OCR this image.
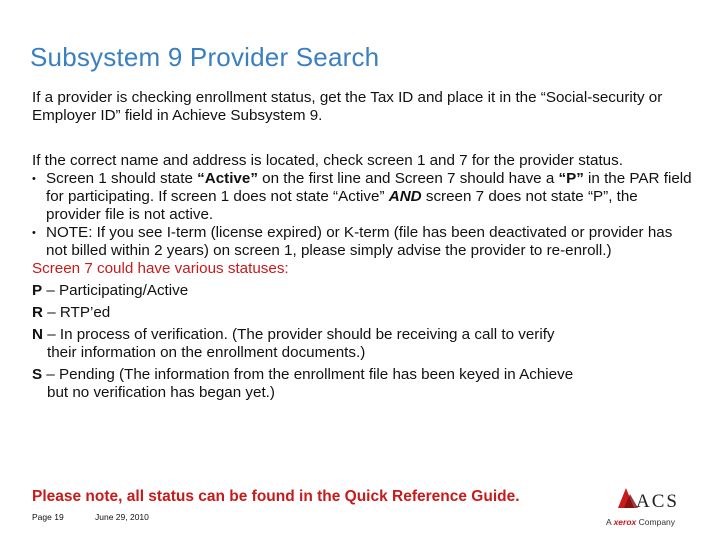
Subsystem 9 Provider Search
If a provider is checking enrollment status, get the Tax ID and place it in the “Social-security or Employer ID” field in Achieve Subsystem 9.
If the correct name and address is located, check screen 1 and 7 for the provider status.
• Screen 1 should state “Active” on the first line and Screen 7 should have a “P” in the PAR field for participating. If screen 1 does not state “Active” AND screen 7 does not state “P”, the provider file is not active.
• NOTE: If you see I-term (license expired) or K-term (file has been deactivated or provider has not billed within 2 years) on screen 1, please simply advise the provider to re-enroll.)
Screen 7 could have various statuses:
P – Participating/Active
R – RTP’ed
N – In process of verification. (The provider should be receiving a call to verify
their information on the enrollment documents.)
S – Pending (The information from the enrollment file has been keyed in Achieve
but no verification has began yet.)
Please note, all status can be found in the Quick Reference Guide.
Page 19	June 29, 2010
ACS
A xerox Company
